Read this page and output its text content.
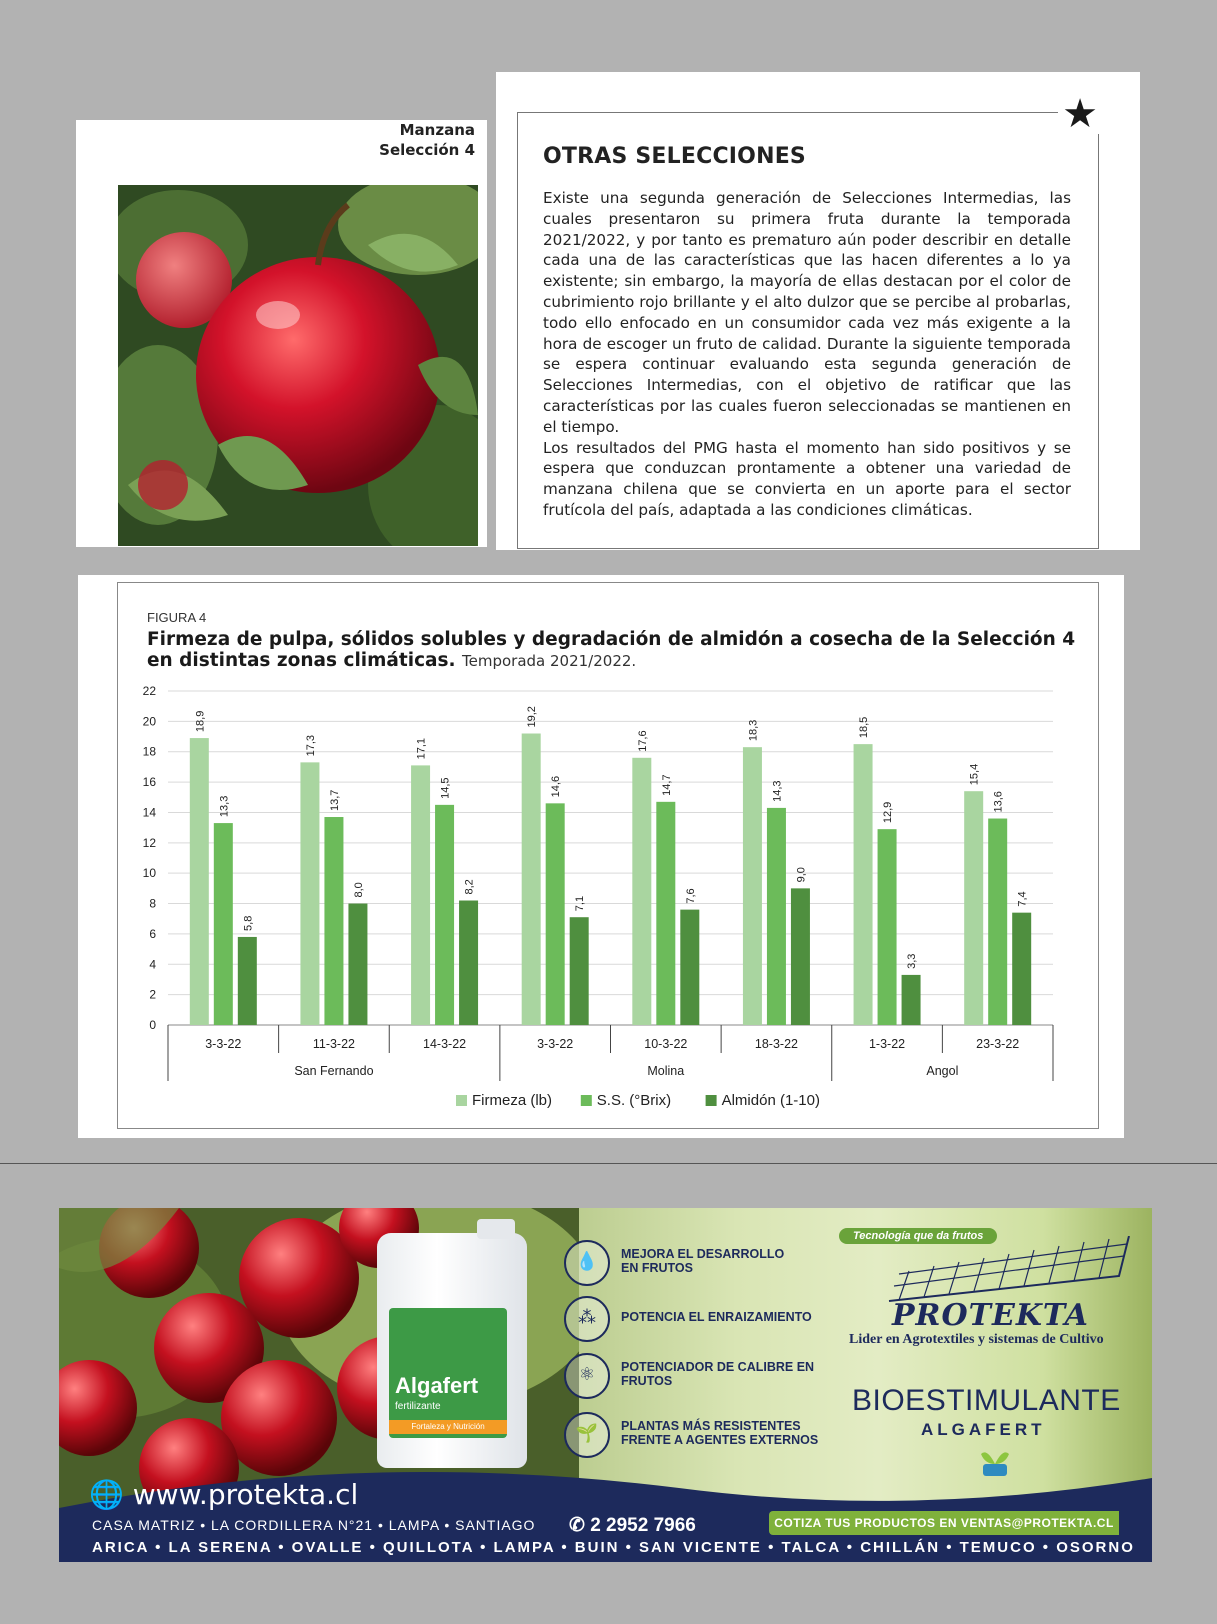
Manzana
Selección 4
★
OTRAS SELECCIONES

Existe una segunda generación de Selecciones Intermedias, las cuales presentaron su primera fruta durante la temporada 2021/2022, y por tanto es prematuro aún poder describir en detalle cada una de las características que las hacen diferentes a lo ya existente; sin embargo, la mayoría de ellas destacan por el color de cubrimiento rojo brillante y el alto dulzor que se percibe al probarlas, todo ello enfocado en un consumidor cada vez más exigente a la hora de escoger un fruto de calidad. Durante la siguiente temporada se espera continuar evaluando esta segunda generación de Selecciones Intermedias, con el objetivo de ratificar que las características por las cuales fueron seleccionadas se mantienen en el tiempo.

Los resultados del PMG hasta el momento han sido positivos y se espera que conduzcan prontamente a obtener una variedad de manzana chilena que se convierta en un aporte para el sector frutícola del país, adaptada a las condiciones climáticas.

FIGURA 4
Firmeza de pulpa, sólidos solubles y degradación de almidón a cosecha de la Selección 4 en distintas zonas climáticas. Temporada 2021/2022.
0
2
4
6
8
10
12
14
16
18
20
22
18,9
13,3
5,8
3-3-22
17,3
13,7
8,0
11-3-22
17,1
14,5
8,2
14-3-22
19,2
14,6
7,1
3-3-22
17,6
14,7
7,6
10-3-22
18,3
14,3
9,0
18-3-22
18,5
12,9
3,3
1-3-22
15,4
13,6
7,4
23-3-22
San Fernando	Molina	Angol
Firmeza (lb)	S.S. (°Brix)	Almidón (1-10)
Algafert
fertilizante
Fortaleza y Nutrición
💧	MEJORA EL DESARROLLO
EN FRUTOS
⁂	POTENCIA EL ENRAIZAMIENTO
⚛	POTENCIADOR DE CALIBRE EN
FRUTOS
🌱	PLANTAS MÁS RESISTENTES
FRENTE A AGENTES EXTERNOS
Tecnología que da frutos
PROTEKTA
Lider en Agrotextiles y sistemas de Cultivo
BIOESTIMULANTE
ALGAFERT
🌐 www.protekta.cl
CASA MATRIZ • LA CORDILLERA N°21 • LAMPA • SANTIAGO ✆ 2 2952 7966	COTIZA TUS PRODUCTOS EN VENTAS@PROTEKTA.CL
ARICA • LA SERENA • OVALLE • QUILLOTA • LAMPA • BUIN • SAN VICENTE • TALCA • CHILLÁN • TEMUCO • OSORNO
